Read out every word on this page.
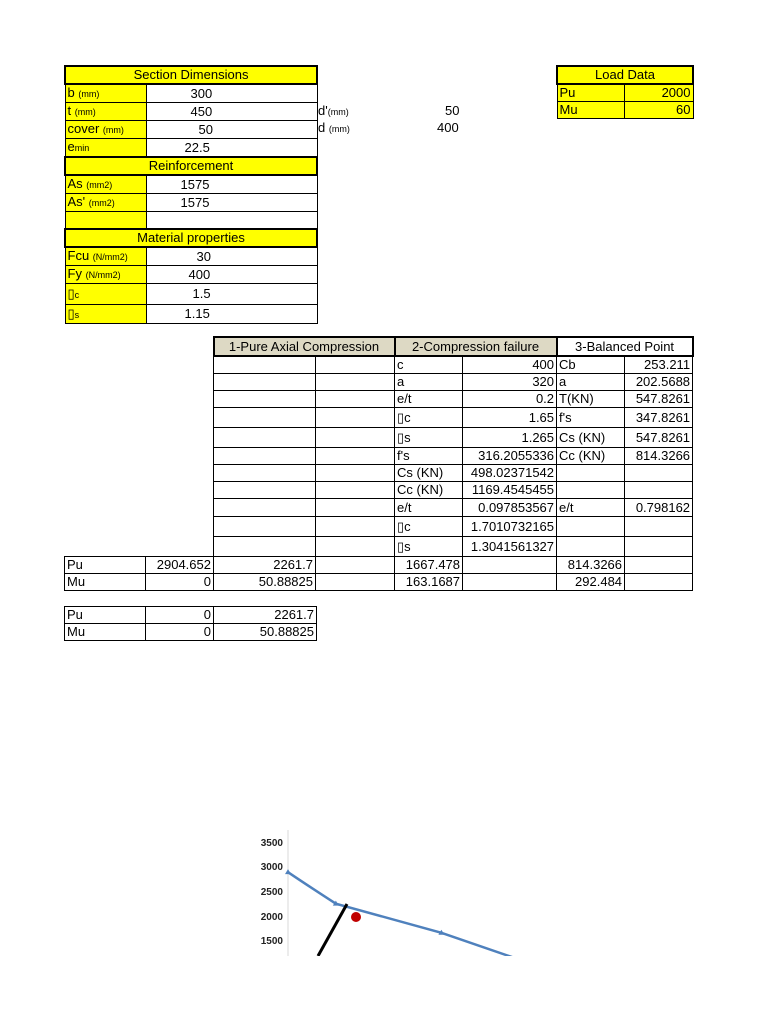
Section Dimensions	
b (mm)	300
t (mm)	450
cover (mm)	50
emin	22.5
Reinforcement	
As (mm2)	1575
As' (mm2)	1575

Material properties	
Fcu (N/mm2)	30
Fy (N/mm2)	400
▯c	1.5
▯s	1.15
d'(mm)	50
d (mm)	400
Load Data	
Pu	2000
Mu	60
		1-Pure Axial Compression		2-Compression failure		3-Balanced Point	
				c	400	Cb	253.211
				a	320	a	202.5688
				e/t	0.2	T(KN)	547.8261
				▯c	1.65	f's	347.8261
				▯s	1.265	Cs (KN)	547.8261
				f's	316.2055336	Cc (KN)	814.3266
				Cs (KN)	498.02371542		
				Cc (KN)	1169.4545455		
				e/t	0.097853567	e/t	0.798162
				▯c	1.7010732165		
				▯s	1.3041561327		
Pu	2904.652	2261.7		1667.478		814.3266	
Mu	0	50.88825		163.1687		292.484	
Pu	0	2261.7
Mu	0	50.88825
3500
3000
2500
2000
1500
